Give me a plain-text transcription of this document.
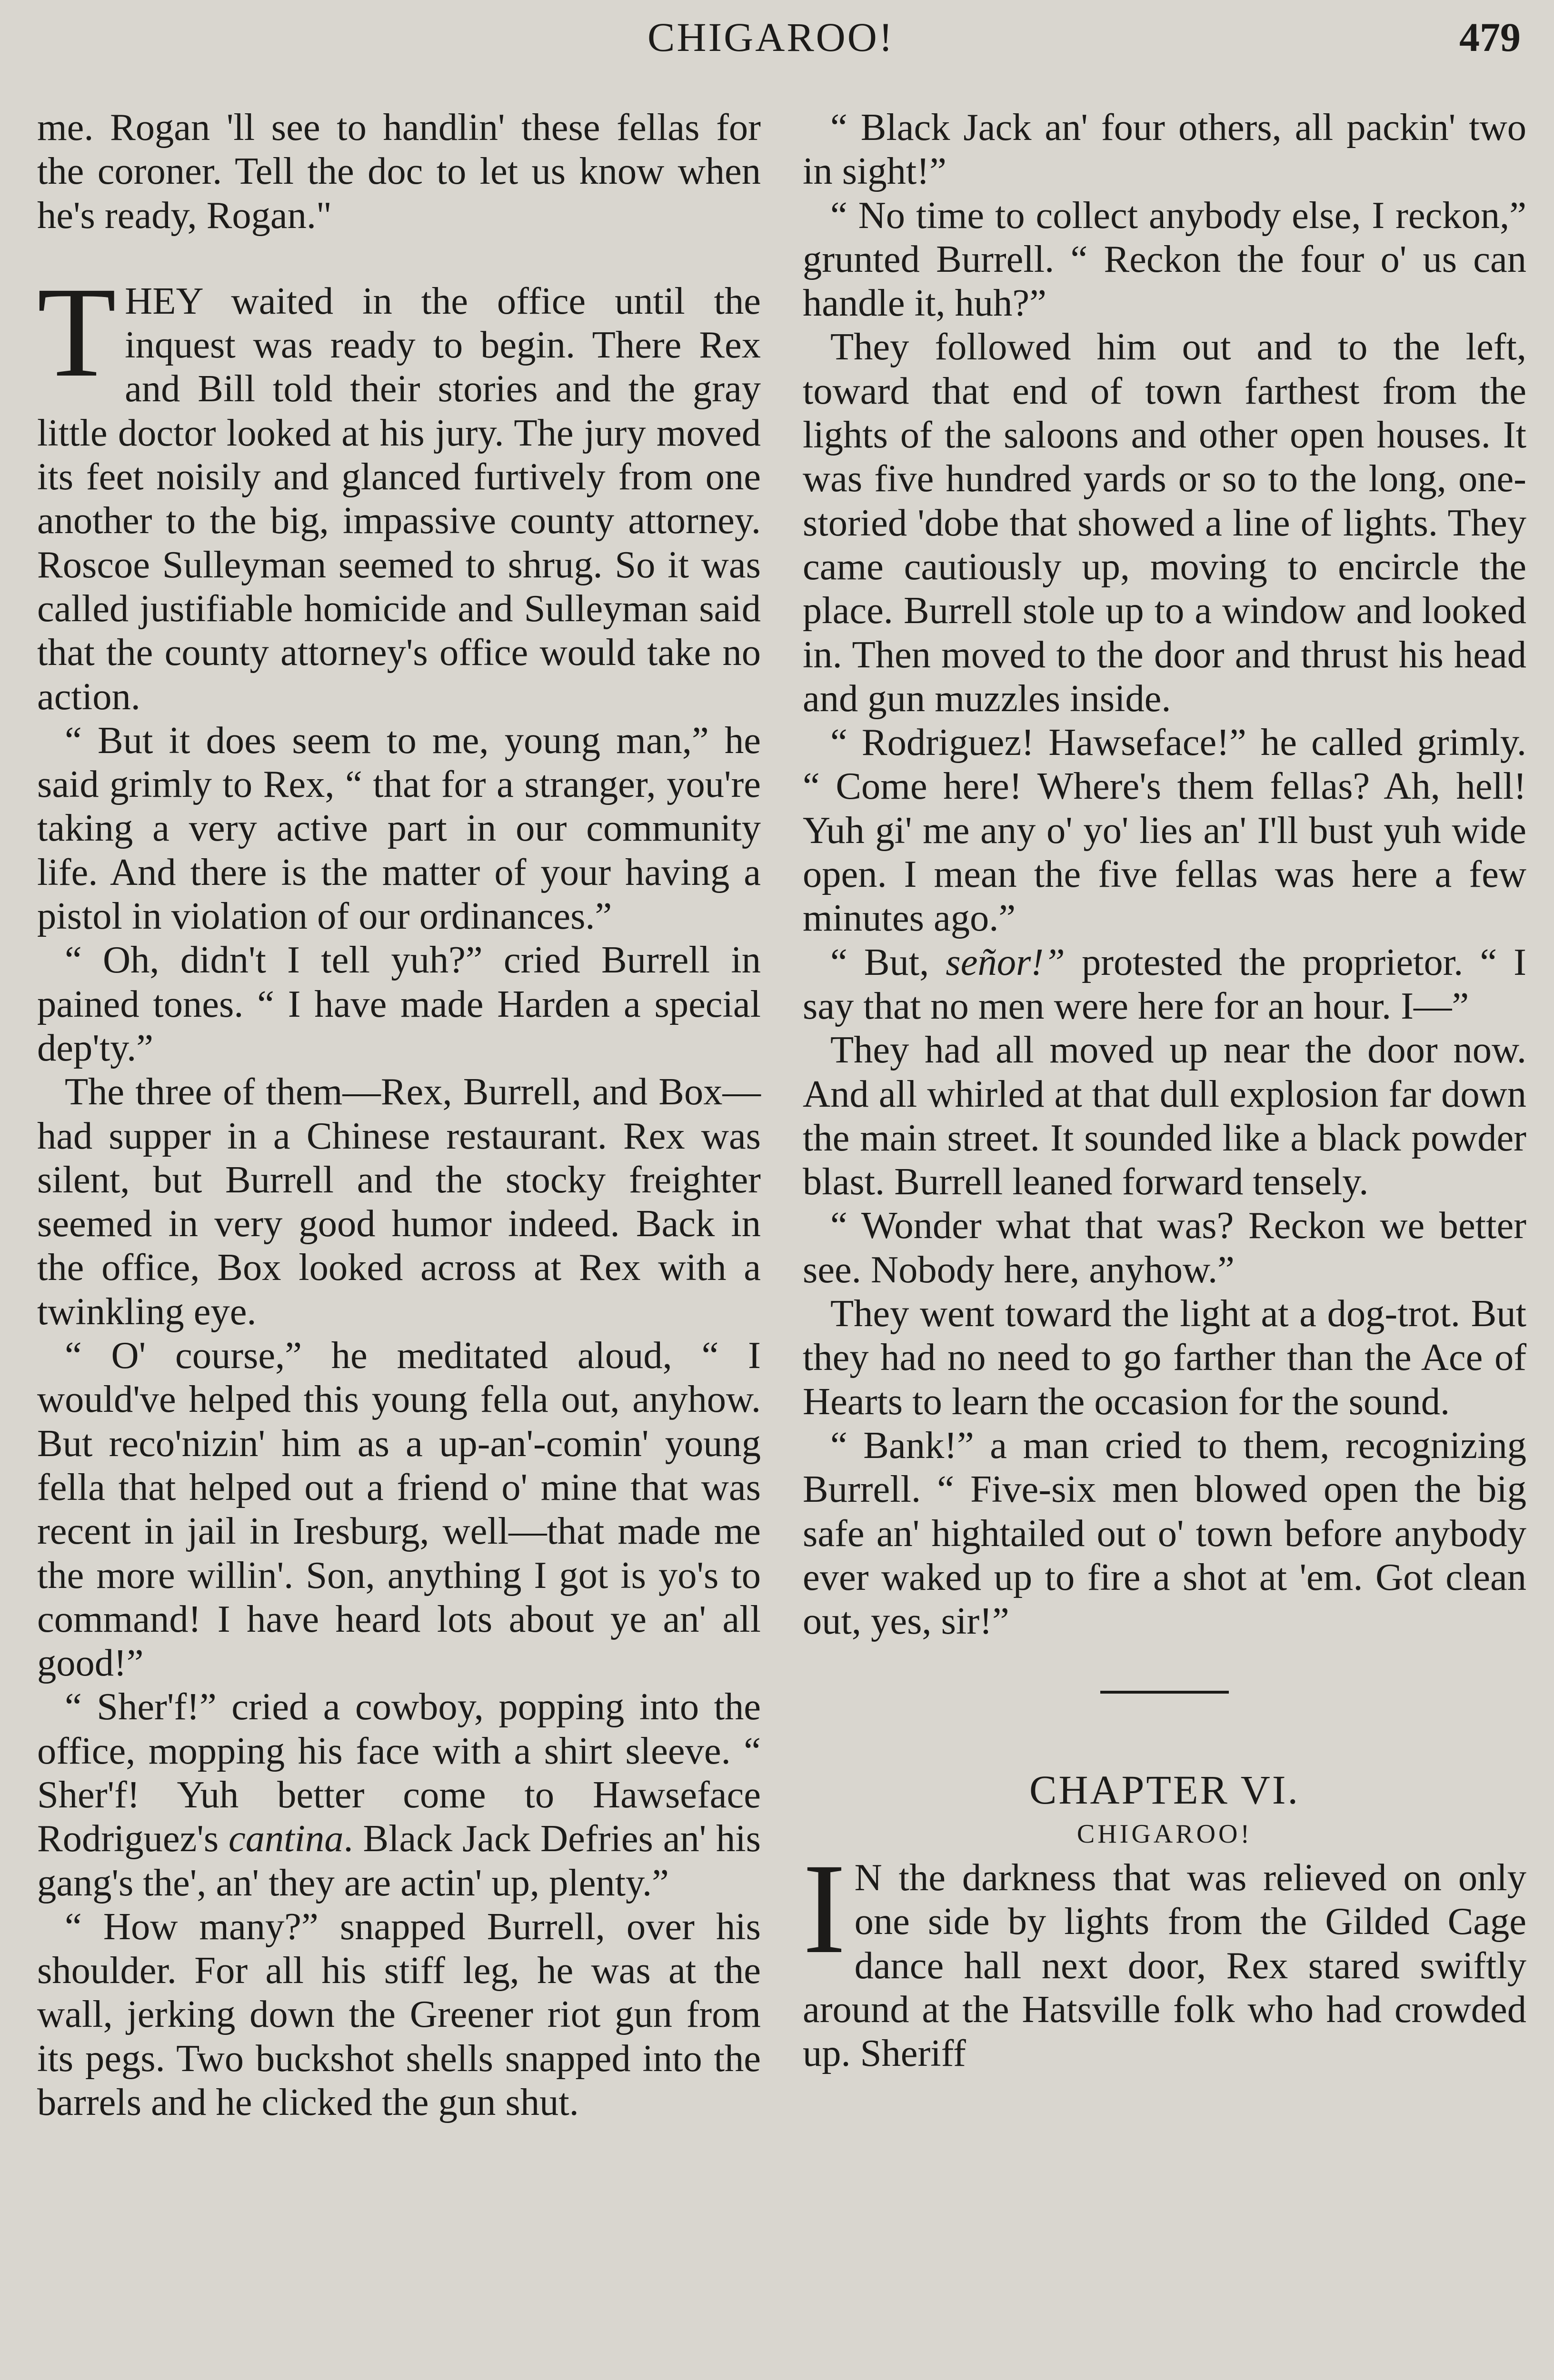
CHIGAROO!	479

me. Rogan 'll see to handlin' these fellas for the coroner. Tell the doc to let us know when he's ready, Rogan."

THEY waited in the office until the inquest was ready to begin. There Rex and Bill told their stories and the gray little doctor looked at his jury. The jury moved its feet noisily and glanced furtively from one another to the big, impassive county attorney. Roscoe Sulleyman seemed to shrug. So it was called justifiable homicide and Sulleyman said that the county attorney's office would take no action.

“ But it does seem to me, young man,” he said grimly to Rex, “ that for a stranger, you're taking a very active part in our community life. And there is the matter of your having a pistol in violation of our ordinances.”

“ Oh, didn't I tell yuh?” cried Burrell in pained tones. “ I have made Harden a special dep'ty.”

The three of them—Rex, Burrell, and Box—had supper in a Chinese restaurant. Rex was silent, but Burrell and the stocky freighter seemed in very good humor indeed. Back in the office, Box looked across at Rex with a twinkling eye.

“ O' course,” he meditated aloud, “ I would've helped this young fella out, anyhow. But reco'nizin' him as a up-an'-comin' young fella that helped out a friend o' mine that was recent in jail in Iresburg, well—that made me the more willin'. Son, anything I got is yo's to command! I have heard lots about ye an' all good!”

“ Sher'f!” cried a cowboy, popping into the office, mopping his face with a shirt sleeve. “ Sher'f! Yuh better come to Hawseface Rodriguez's cantina. Black Jack Defries an' his gang's the', an' they are actin' up, plenty.”

“ How many?” snapped Burrell, over his shoulder. For all his stiff leg, he was at the wall, jerking down the Greener riot gun from its pegs. Two buckshot shells snapped into the barrels and he clicked the gun shut.

“ Black Jack an' four others, all packin' two in sight!”

“ No time to collect anybody else, I reckon,” grunted Burrell. “ Reckon the four o' us can handle it, huh?”

They followed him out and to the left, toward that end of town farthest from the lights of the saloons and other open houses. It was five hundred yards or so to the long, one-storied 'dobe that showed a line of lights. They came cautiously up, moving to encircle the place. Burrell stole up to a window and looked in. Then moved to the door and thrust his head and gun muzzles inside.

“ Rodriguez! Hawseface!” he called grimly. “ Come here! Where's them fellas? Ah, hell! Yuh gi' me any o' yo' lies an' I'll bust yuh wide open. I mean the five fellas was here a few minutes ago.”

“ But, señor!” protested the proprietor. “ I say that no men were here for an hour. I—”

They had all moved up near the door now. And all whirled at that dull explosion far down the main street. It sounded like a black powder blast. Burrell leaned forward tensely.

“ Wonder what that was? Reckon we better see. Nobody here, anyhow.”

They went toward the light at a dog-trot. But they had no need to go farther than the Ace of Hearts to learn the occasion for the sound.

“ Bank!” a man cried to them, recognizing Burrell. “ Five-six men blowed open the big safe an' hightailed out o' town before anybody ever waked up to fire a shot at 'em. Got clean out, yes, sir!”

CHAPTER VI.

CHIGAROO!

I N the darkness that was relieved on only one side by lights from the Gilded Cage dance hall next door, Rex stared swiftly around at the Hatsville folk who had crowded up. Sheriff
